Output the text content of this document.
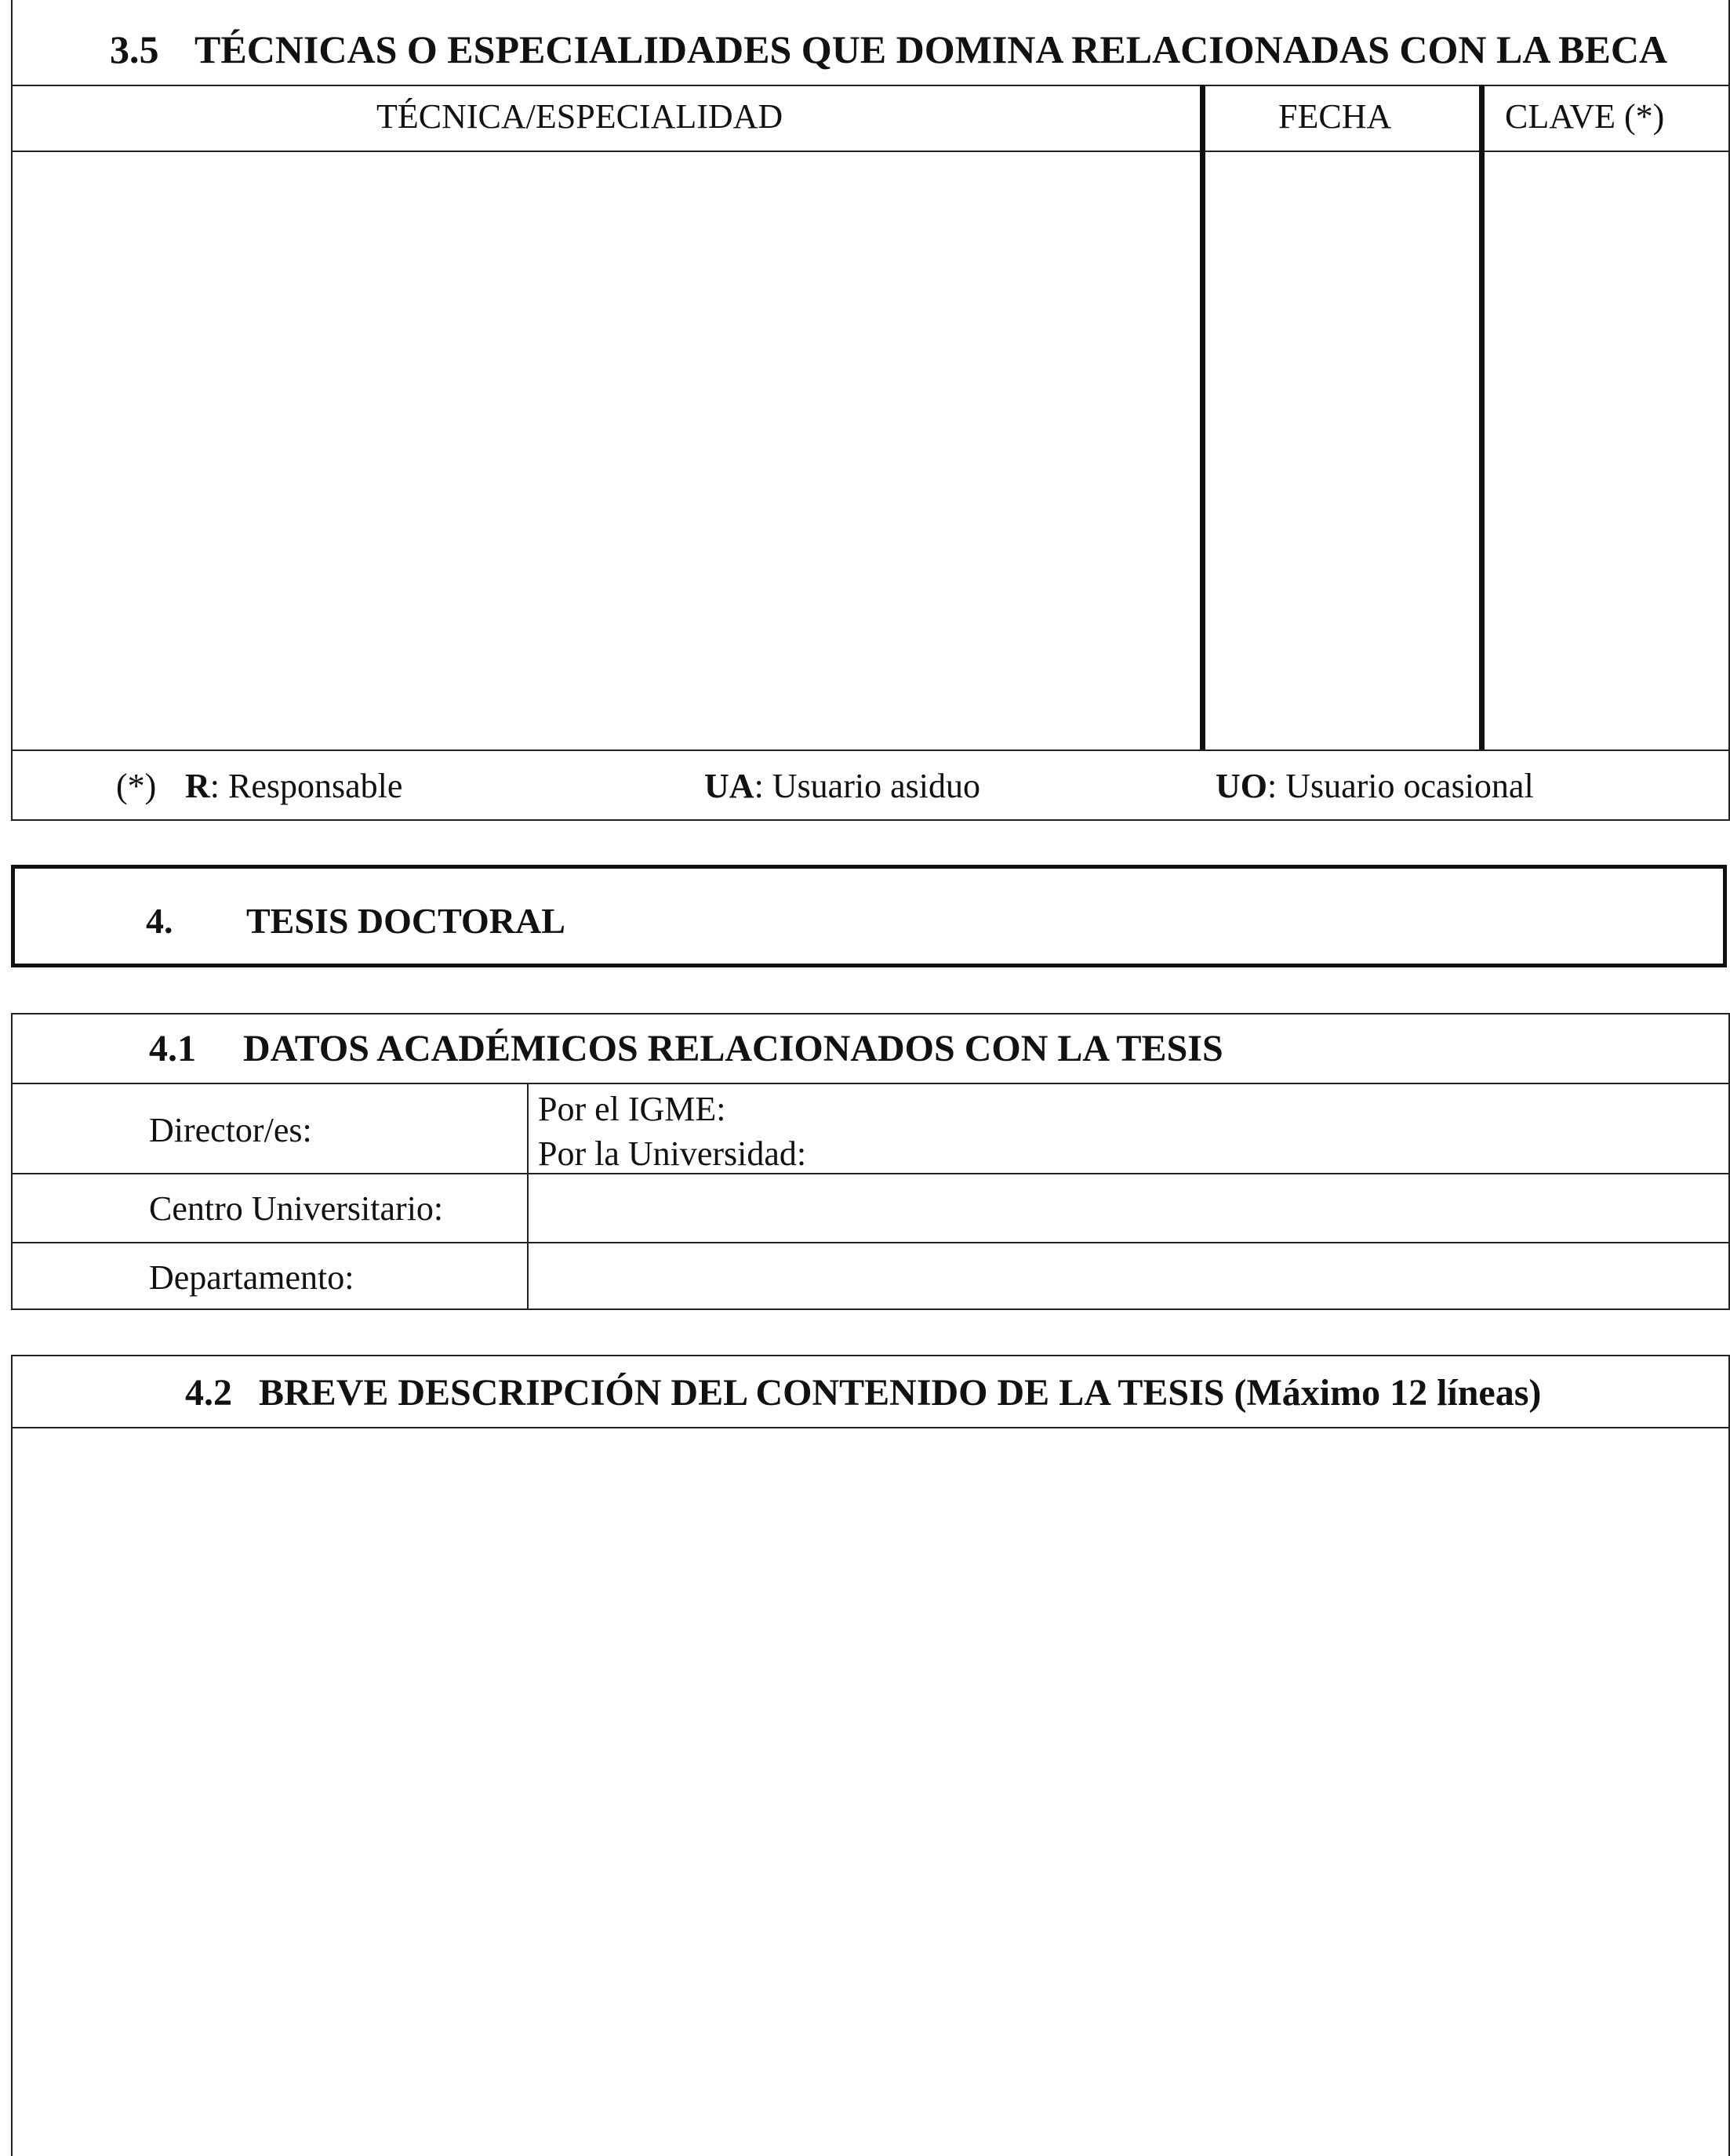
3.5 TÉCNICAS O ESPECIALIDADES QUE DOMINA RELACIONADAS CON LA BECA
TÉCNICA/ESPECIALIDAD	FECHA	CLAVE (*)
(*) R: Responsable	UA: Usuario asiduo	UO: Usuario ocasional
4. TESIS DOCTORAL
4.1 DATOS ACADÉMICOS RELACIONADOS CON LA TESIS
Director/es:
Por el IGME:
Por la Universidad:
Centro Universitario:
Departamento:
4.2 BREVE DESCRIPCIÓN DEL CONTENIDO DE LA TESIS (Máximo 12 líneas)
